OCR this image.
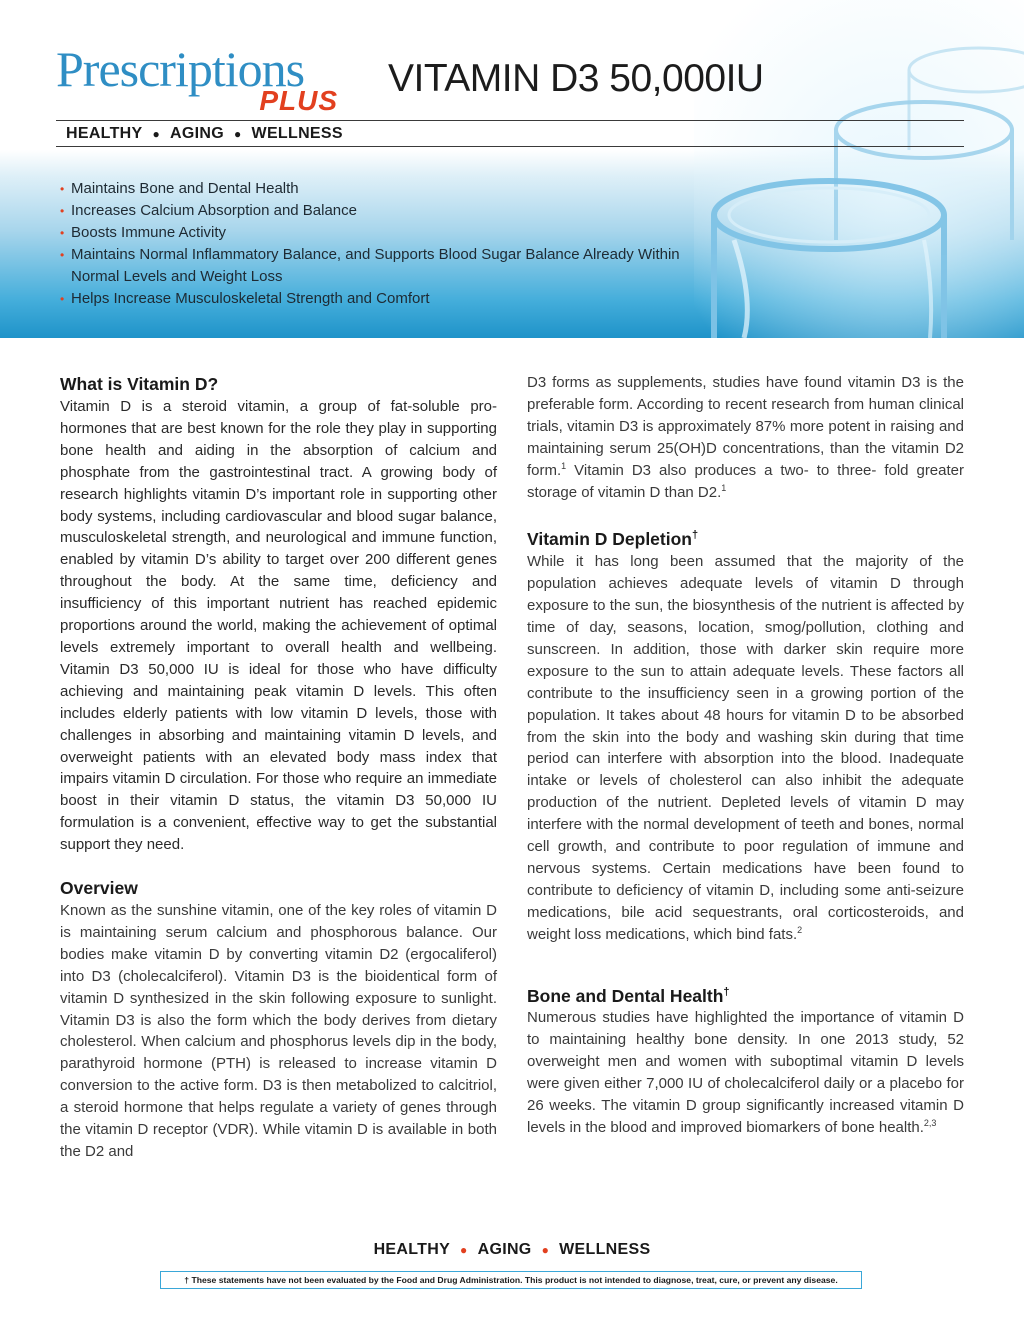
Prescriptions
PLUS
VITAMIN D3 50,000IU
HEALTHY ● AGING ● WELLNESS
• Maintains Bone and Dental Health
• Increases Calcium Absorption and Balance
• Boosts Immune Activity
• Maintains Normal Inflammatory Balance, and Supports Blood Sugar Balance Already Within Normal Levels and Weight Loss
• Helps Increase Musculoskeletal Strength and Comfort
What is Vitamin D?

Vitamin D is a steroid vitamin, a group of fat-soluble pro-hormones that are best known for the role they play in supporting bone health and aiding in the absorption of calcium and phosphate from the gastrointestinal tract. A growing body of research highlights vitamin D’s important role in supporting other body systems, including cardiovascular and blood sugar balance, musculoskeletal strength, and neurological and immune function, enabled by vitamin D’s ability to target over 200 different genes throughout the body. At the same time, deficiency and insufficiency of this important nutrient has reached epidemic proportions around the world, making the achievement of optimal levels extremely important to overall health and wellbeing. Vitamin D3 50,000 IU is ideal for those who have difficulty achieving and maintaining peak vitamin D levels. This often includes elderly patients with low vitamin D levels, those with challenges in absorbing and maintaining vitamin D levels, and overweight patients with an elevated body mass index that impairs vitamin D circulation. For those who require an immediate boost in their vitamin D status, the vitamin D3 50,000 IU formulation is a convenient, effective way to get the substantial support they need.

Overview

Known as the sunshine vitamin, one of the key roles of vitamin D is maintaining serum calcium and phosphorous balance. Our bodies make vitamin D by converting vitamin D2 (ergocaliferol) into D3 (cholecalciferol). Vitamin D3 is the bioidentical form of vitamin D synthesized in the skin following exposure to sunlight. Vitamin D3 is also the form which the body derives from dietary cholesterol. When calcium and phosphorus levels dip in the body, parathyroid hormone (PTH) is released to increase vitamin D conversion to the active form. D3 is then metabolized to calcitriol, a steroid hormone that helps regulate a variety of genes through the vitamin D receptor (VDR). While vitamin D is available in both the D2 and

D3 forms as supplements, studies have found vitamin D3 is the preferable form. According to recent research from human clinical trials, vitamin D3 is approximately 87% more potent in raising and maintaining serum 25(OH)D concentrations, than the vitamin D2 form.$^1$ Vitamin D3 also produces a two- to three- fold greater storage of vitamin D than D2.$^1$

Vitamin D Depletion†

While it has long been assumed that the majority of the population achieves adequate levels of vitamin D through exposure to the sun, the biosynthesis of the nutrient is affected by time of day, seasons, location, smog/pollution, clothing and sunscreen. In addition, those with darker skin require more exposure to the sun to attain adequate levels. These factors all contribute to the insufficiency seen in a growing portion of the population. It takes about 48 hours for vitamin D to be absorbed from the skin into the body and washing skin during that time period can interfere with absorption into the blood. Inadequate intake or levels of cholesterol can also inhibit the adequate production of the nutrient. Depleted levels of vitamin D may interfere with the normal development of teeth and bones, normal cell growth, and contribute to poor regulation of immune and nervous systems. Certain medications have been found to contribute to deficiency of vitamin D, including some anti-seizure medications, bile acid sequestrants, oral corticosteroids, and weight loss medications, which bind fats.$^2$

Bone and Dental Health†

Numerous studies have highlighted the importance of vitamin D to maintaining healthy bone density. In one 2013 study, 52 overweight men and women with suboptimal vitamin D levels were given either 7,000 IU of cholecalciferol daily or a placebo for 26 weeks. The vitamin D group significantly increased vitamin D levels in the blood and improved biomarkers of bone health.$^{2,3}$

HEALTHY ● AGING ● WELLNESS
† These statements have not been evaluated by the Food and Drug Administration. This product is not intended to diagnose, treat, cure, or prevent any disease.
